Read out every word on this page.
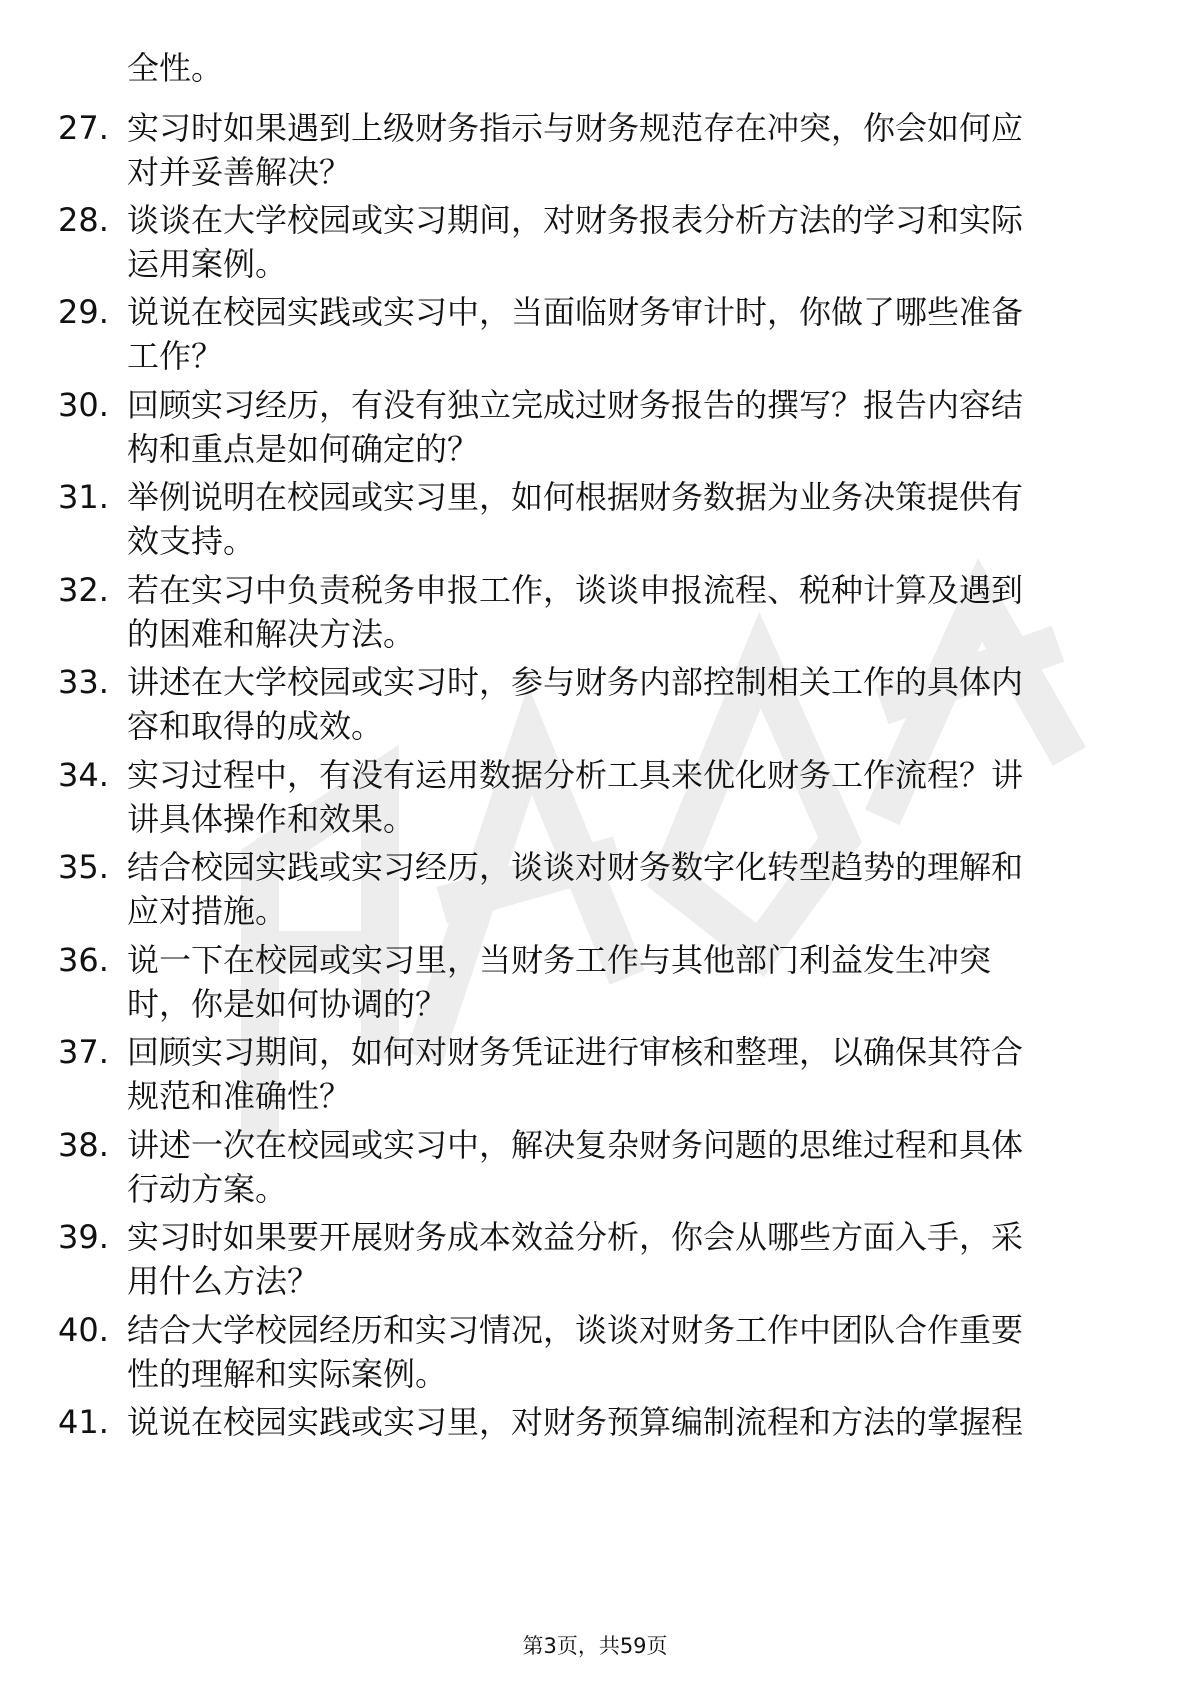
全性。
27. 实习时如果遇到上级财务指示与财务规范存在冲突，你会如何应
对并妥善解决？
28. 谈谈在大学校园或实习期间，对财务报表分析方法的学习和实际
运用案例。
29. 说说在校园实践或实习中，当面临财务审计时，你做了哪些准备
工作？
30. 回顾实习经历，有没有独立完成过财务报告的撰写？报告内容结
构和重点是如何确定的？
31. 举例说明在校园或实习里，如何根据财务数据为业务决策提供有
效支持。
32. 若在实习中负责税务申报工作，谈谈申报流程、税种计算及遇到
的困难和解决方法。
33. 讲述在大学校园或实习时，参与财务内部控制相关工作的具体内
容和取得的成效。
34. 实习过程中，有没有运用数据分析工具来优化财务工作流程？讲
讲具体操作和效果。
35. 结合校园实践或实习经历，谈谈对财务数字化转型趋势的理解和
应对措施。
36. 说一下在校园或实习里，当财务工作与其他部门利益发生冲突
时，你是如何协调的？
37. 回顾实习期间，如何对财务凭证进行审核和整理，以确保其符合
规范和准确性？
38. 讲述一次在校园或实习中，解决复杂财务问题的思维过程和具体
行动方案。
39. 实习时如果要开展财务成本效益分析，你会从哪些方面入手，采
用什么方法？
40. 结合大学校园经历和实习情况，谈谈对财务工作中团队合作重要
性的理解和实际案例。
41. 说说在校园实践或实习里，对财务预算编制流程和方法的掌握程
第3页，共59页
